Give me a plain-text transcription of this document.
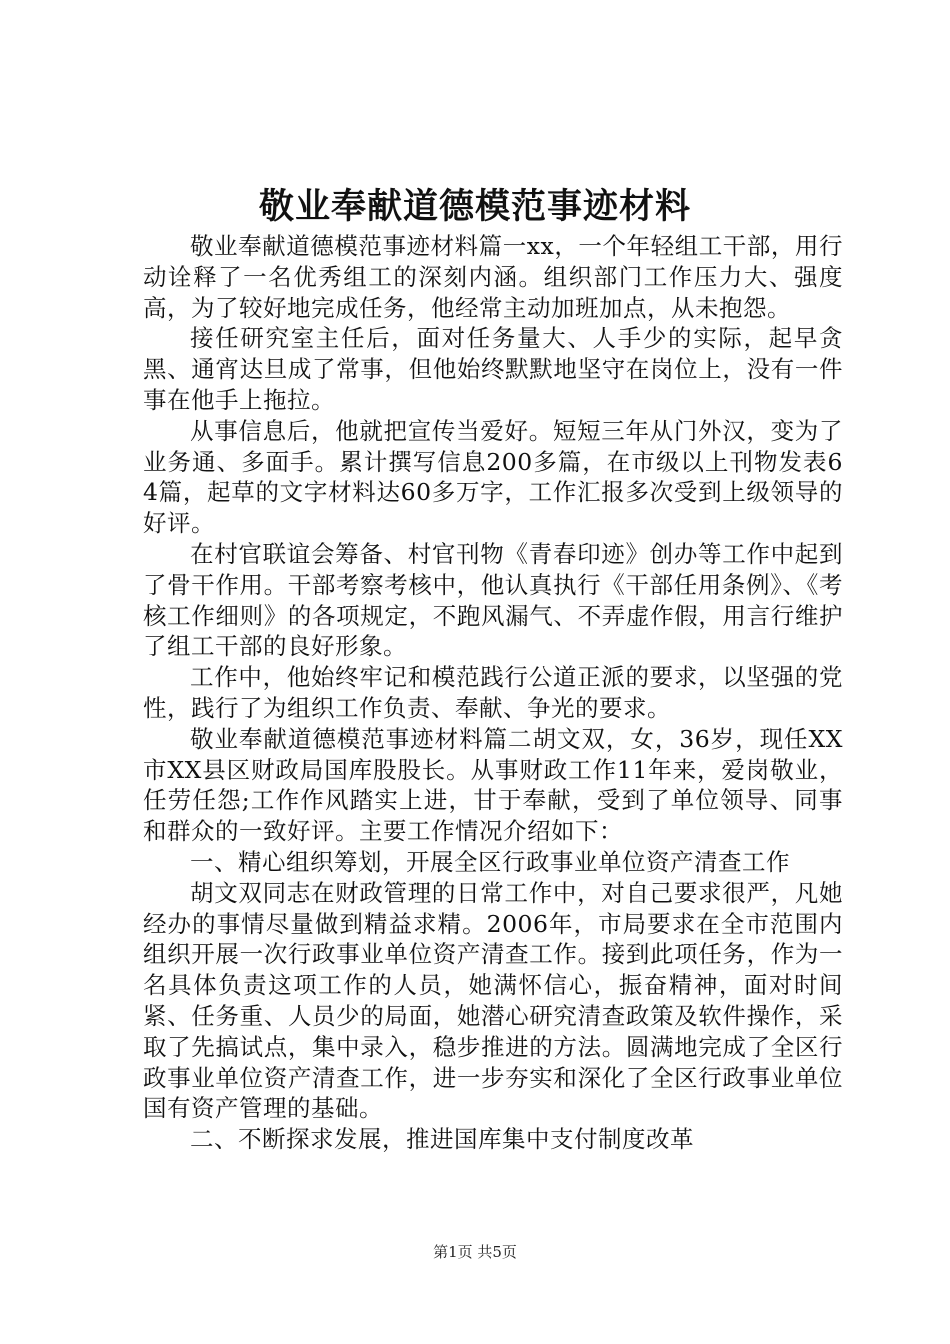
敬业奉献道德模范事迹材料

敬业奉献道德模范事迹材料篇一xx，一个年轻组工干部，用行动诠释了一名优秀组工的深刻内涵。组织部门工作压力大、强度高，为了较好地完成任务，他经常主动加班加点，从未抱怨。

接任研究室主任后，面对任务量大、人手少的实际，起早贪黑、通宵达旦成了常事，但他始终默默地坚守在岗位上，没有一件事在他手上拖拉。

从事信息后，他就把宣传当爱好。短短三年从门外汉，变为了业务通、多面手。累计撰写信息200多篇，在市级以上刊物发表64篇，起草的文字材料达60多万字，工作汇报多次受到上级领导的好评。

在村官联谊会筹备、村官刊物《青春印迹》创办等工作中起到了骨干作用。干部考察考核中，他认真执行《干部任用条例》、《考核工作细则》的各项规定，不跑风漏气、不弄虚作假，用言行维护了组工干部的良好形象。

工作中，他始终牢记和模范践行公道正派的要求，以坚强的党性，践行了为组织工作负责、奉献、争光的要求。

敬业奉献道德模范事迹材料篇二胡文双，女，36岁，现任XX市XX县区财政局国库股股长。从事财政工作11年来，爱岗敬业，任劳任怨;工作作风踏实上进，甘于奉献，受到了单位领导、同事和群众的一致好评。主要工作情况介绍如下：

一、精心组织筹划，开展全区行政事业单位资产清查工作

胡文双同志在财政管理的日常工作中，对自己要求很严，凡她经办的事情尽量做到精益求精。2006年，市局要求在全市范围内组织开展一次行政事业单位资产清查工作。接到此项任务，作为一名具体负责这项工作的人员，她满怀信心，振奋精神，面对时间紧、任务重、人员少的局面，她潜心研究清查政策及软件操作，采取了先搞试点，集中录入，稳步推进的方法。圆满地完成了全区行政事业单位资产清查工作，进一步夯实和深化了全区行政事业单位国有资产管理的基础。

二、不断探求发展，推进国库集中支付制度改革

第1页 共5页
